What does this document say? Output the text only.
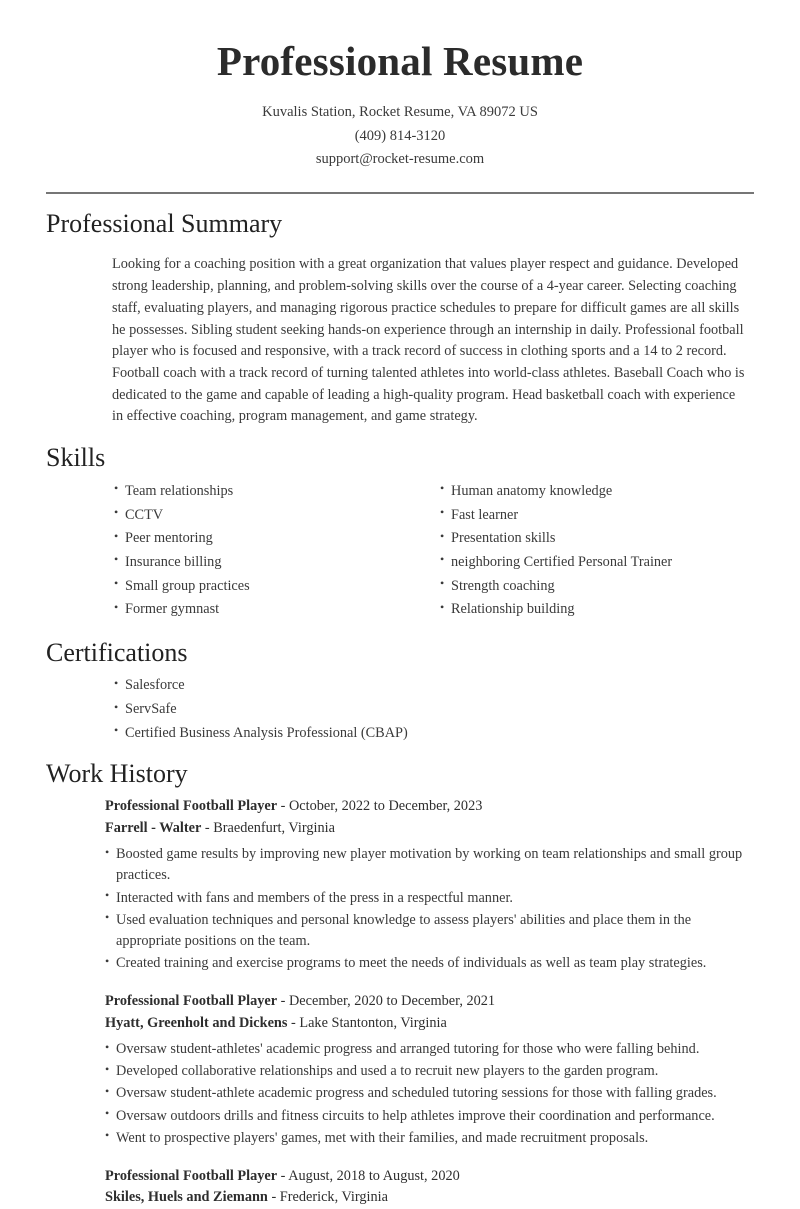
Professional Resume
Kuvalis Station, Rocket Resume, VA 89072 US
(409) 814-3120
support@rocket-resume.com
Professional Summary

Looking for a coaching position with a great organization that values player respect and guidance. Developed strong leadership, planning, and problem-solving skills over the course of a 4-year career. Selecting coaching staff, evaluating players, and managing rigorous practice schedules to prepare for difficult games are all skills he possesses. Sibling student seeking hands-on experience through an internship in daily. Professional football player who is focused and responsive, with a track record of success in clothing sports and a 14 to 2 record. Football coach with a track record of turning talented athletes into world-class athletes. Baseball Coach who is dedicated to the game and capable of leading a high-quality program. Head basketball coach with experience in effective coaching, program management, and game strategy.

Skills
• Team relationships
• CCTV
• Peer mentoring
• Insurance billing
• Small group practices
• Former gymnast
• Human anatomy knowledge
• Fast learner
• Presentation skills
• neighboring Certified Personal Trainer
• Strength coaching
• Relationship building
Certifications
• Salesforce
• ServSafe
• Certified Business Analysis Professional (CBAP)
Work History
Professional Football Player - October, 2022 to December, 2023
Farrell - Walter - Braedenfurt, Virginia
• Boosted game results by improving new player motivation by working on team relationships and small group practices.
• Interacted with fans and members of the press in a respectful manner.
• Used evaluation techniques and personal knowledge to assess players' abilities and place them in the appropriate positions on the team.
• Created training and exercise programs to meet the needs of individuals as well as team play strategies.
Professional Football Player - December, 2020 to December, 2021
Hyatt, Greenholt and Dickens - Lake Stantonton, Virginia
• Oversaw student-athletes' academic progress and arranged tutoring for those who were falling behind.
• Developed collaborative relationships and used a to recruit new players to the garden program.
• Oversaw student-athlete academic progress and scheduled tutoring sessions for those with falling grades.
• Oversaw outdoors drills and fitness circuits to help athletes improve their coordination and performance.
• Went to prospective players' games, met with their families, and made recruitment proposals.
Professional Football Player - August, 2018 to August, 2020
Skiles, Huels and Ziemann - Frederick, Virginia
